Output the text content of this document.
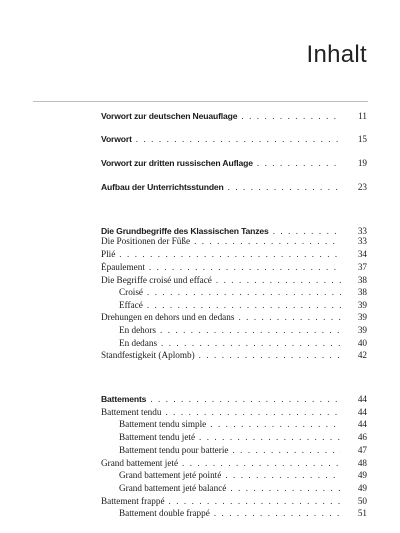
Inhalt
Vorwort zur deutschen Neuauflage . . .	11
Vorwort . . .	15
Vorwort zur dritten russischen Auflage . . .	19
Aufbau der Unterrichtsstunden . . .	23
Die Grundbegriffe des Klassischen Tanzes . . .	33
Die Positionen der Füße . . .	33
Plié . . .	34
Épaulement . . .	37
Die Begriffe croisé und effacé . . .	38
Croisé . . .	38
Effacé . . .	39
Drehungen en dehors und en dedans . . .	39
En dehors . . .	39
En dedans . . .	40
Standfestigkeit (Aplomb) . . .	42
Battements . . .	44
Battement tendu . . .	44
Battement tendu simple . . .	44
Battement tendu jeté . . .	46
Battement tendu pour batterie . . .	47
Grand battement jeté . . .	48
Grand battement jeté pointé . . .	49
Grand battement jeté balancé . . .	49
Battement frappé . . .	50
Battement double frappé . . .	51
